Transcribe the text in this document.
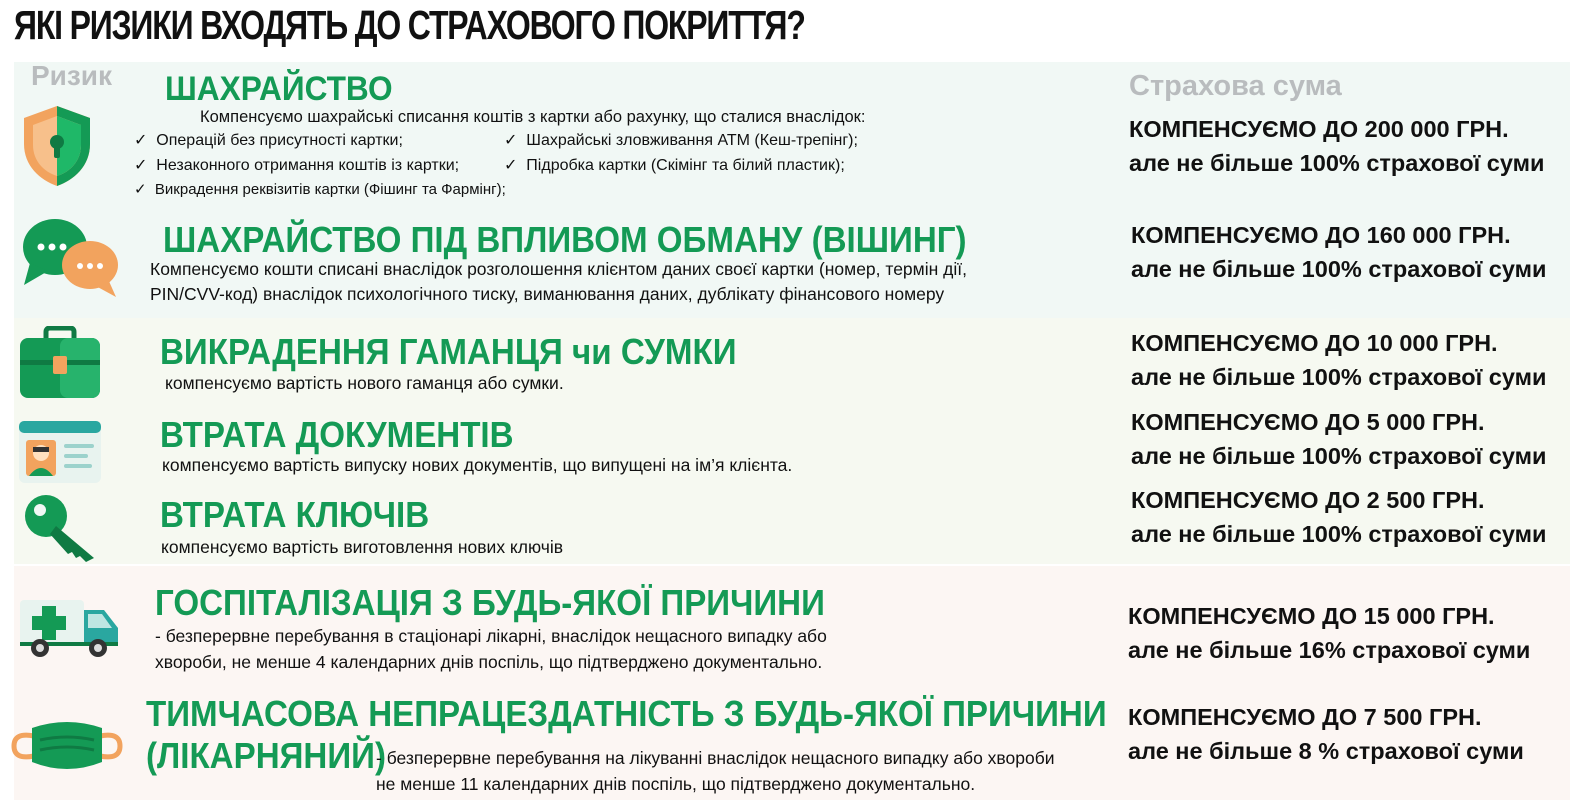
ЯКІ РИЗИКИ ВХОДЯТЬ ДО СТРАХОВОГО ПОКРИТТЯ?
Ризик	Страхова сума
ШАХРАЙСТВО
Компенсуємо шахрайські списання коштів з картки або рахунку, що сталися внаслідок:
✓ Операцій без присутності картки;	✓ Шахрайські зловживання АТМ (Кеш-трепінг);
✓ Незаконного отримання коштів із картки;	✓ Підробка картки (Скімінг та білий пластик);
✓ Викрадення реквізитів картки (Фішинг та Фармінг);
КОМПЕНСУЄМО ДО 200 000 ГРН.
але не більше 100% страхової суми
ШАХРАЙСТВО ПІД ВПЛИВОМ ОБМАНУ (ВІШИНГ)
Компенсуємо кошти списані внаслідок розголошення клієнтом даних своєї картки (номер, термін дії,
PIN/CVV-код) внаслідок психологічного тиску, виманювання даних, дублікату фінансового номеру
КОМПЕНСУЄМО ДО 160 000 ГРН.
але не більше 100% страхової суми
ВИКРАДЕННЯ ГАМАНЦЯ чи СУМКИ
компенсуємо вартість нового гаманця або сумки.
КОМПЕНСУЄМО ДО 10 000 ГРН.
але не більше 100% страхової суми
ВТРАТА ДОКУМЕНТІВ
компенсуємо вартість випуску нових документів, що випущені на ім’я клієнта.
КОМПЕНСУЄМО ДО 5 000 ГРН.
але не більше 100% страхової суми
ВТРАТА КЛЮЧІВ
компенсуємо вартість виготовлення нових ключів
КОМПЕНСУЄМО ДО 2 500 ГРН.
але не більше 100% страхової суми
ГОСПІТАЛІЗАЦІЯ З БУДЬ-ЯКОЇ ПРИЧИНИ
- безперервне перебування в стаціонарі лікарні, внаслідок нещасного випадку або
хвороби, не менше 4 календарних днів поспіль, що підтверджено документально.
КОМПЕНСУЄМО ДО 15 000 ГРН.
але не більше 16% страхової суми
ТИМЧАСОВА НЕПРАЦЕЗДАТНІСТЬ З БУДЬ-ЯКОЇ ПРИЧИНИ
(ЛІКАРНЯНИЙ)
- безперервне перебування на лікуванні внаслідок нещасного випадку або хвороби
не менше 11 календарних днів поспіль, що підтверджено документально.
КОМПЕНСУЄМО ДО 7 500 ГРН.
але не більше 8 % страхової суми
